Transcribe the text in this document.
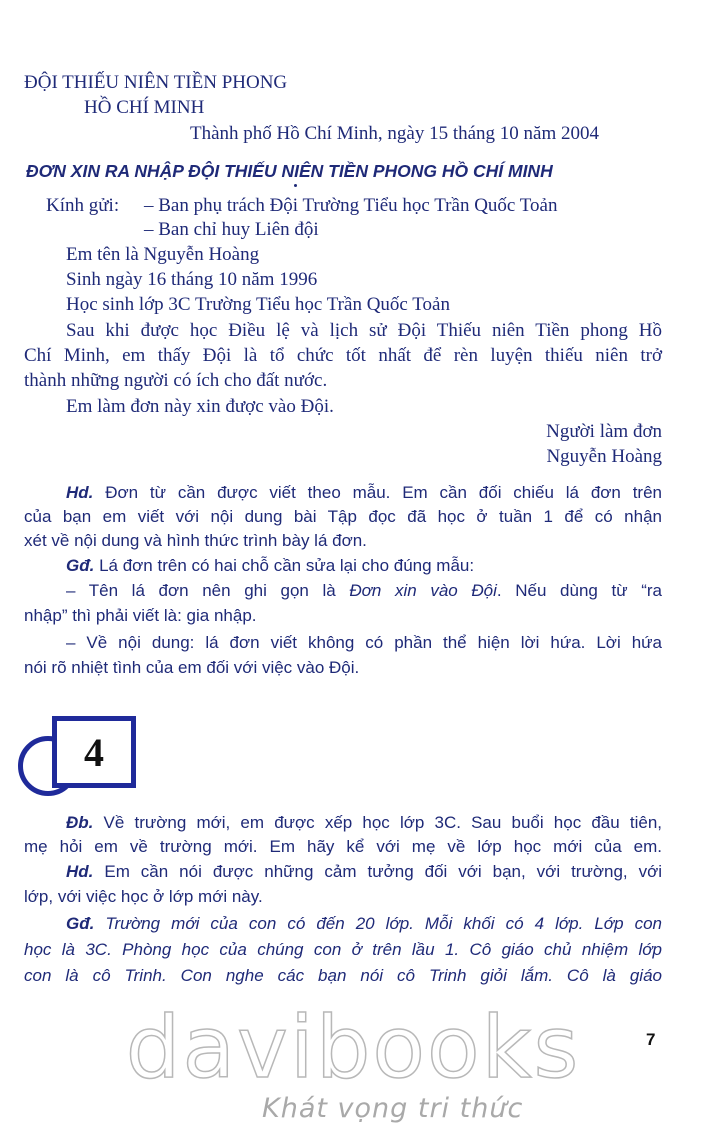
ĐỘI THIẾU NIÊN TIỀN PHONG
HỒ CHÍ MINH
Thành phố Hồ Chí Minh, ngày 15 tháng 10 năm 2004
ĐƠN XIN RA NHẬP ĐỘI THIẾU NIÊN TIỀN PHONG HỒ CHÍ MINH
Kính gửi: – Ban phụ trách Đội Trường Tiểu học Trần Quốc Toản
– Ban chỉ huy Liên đội
Em tên là Nguyễn Hoàng
Sinh ngày 16 tháng 10 năm 1996
Học sinh lớp 3C Trường Tiểu học Trần Quốc Toản
Sau khi được học Điều lệ và lịch sử Đội Thiếu niên Tiền phong Hồ
Chí Minh, em thấy Đội là tổ chức tốt nhất để rèn luyện thiếu niên trở
thành những người có ích cho đất nước.
Em làm đơn này xin được vào Đội.
Người làm đơn
Nguyễn Hoàng
Hd. Đơn từ cần được viết theo mẫu. Em cần đối chiếu lá đơn trên
của bạn em viết với nội dung bài Tập đọc đã học ở tuần 1 để có nhận
xét về nội dung và hình thức trình bày lá đơn.
Gđ. Lá đơn trên có hai chỗ cần sửa lại cho đúng mẫu:
– Tên lá đơn nên ghi gọn là Đơn xin vào Đội. Nếu dùng từ “ra
nhập” thì phải viết là: gia nhập.
– Về nội dung: lá đơn viết không có phần thể hiện lời hứa. Lời hứa
nói rõ nhiệt tình của em đối với việc vào Đội.
4
Đb. Về trường mới, em được xếp học lớp 3C. Sau buổi học đầu tiên,
mẹ hỏi em về trường mới. Em hãy kể với mẹ về lớp học mới của em.
Hd. Em cần nói được những cảm tưởng đối với bạn, với trường, với
lớp, với việc học ở lớp mới này.
Gđ. Trường mới của con có đến 20 lớp. Mỗi khối có 4 lớp. Lớp con
học là 3C. Phòng học của chúng con ở trên lầu 1. Cô giáo chủ nhiệm lớp
con là cô Trinh. Con nghe các bạn nói cô Trinh giỏi lắm. Cô là giáo
7
davibooks
Khát vọng tri thức
